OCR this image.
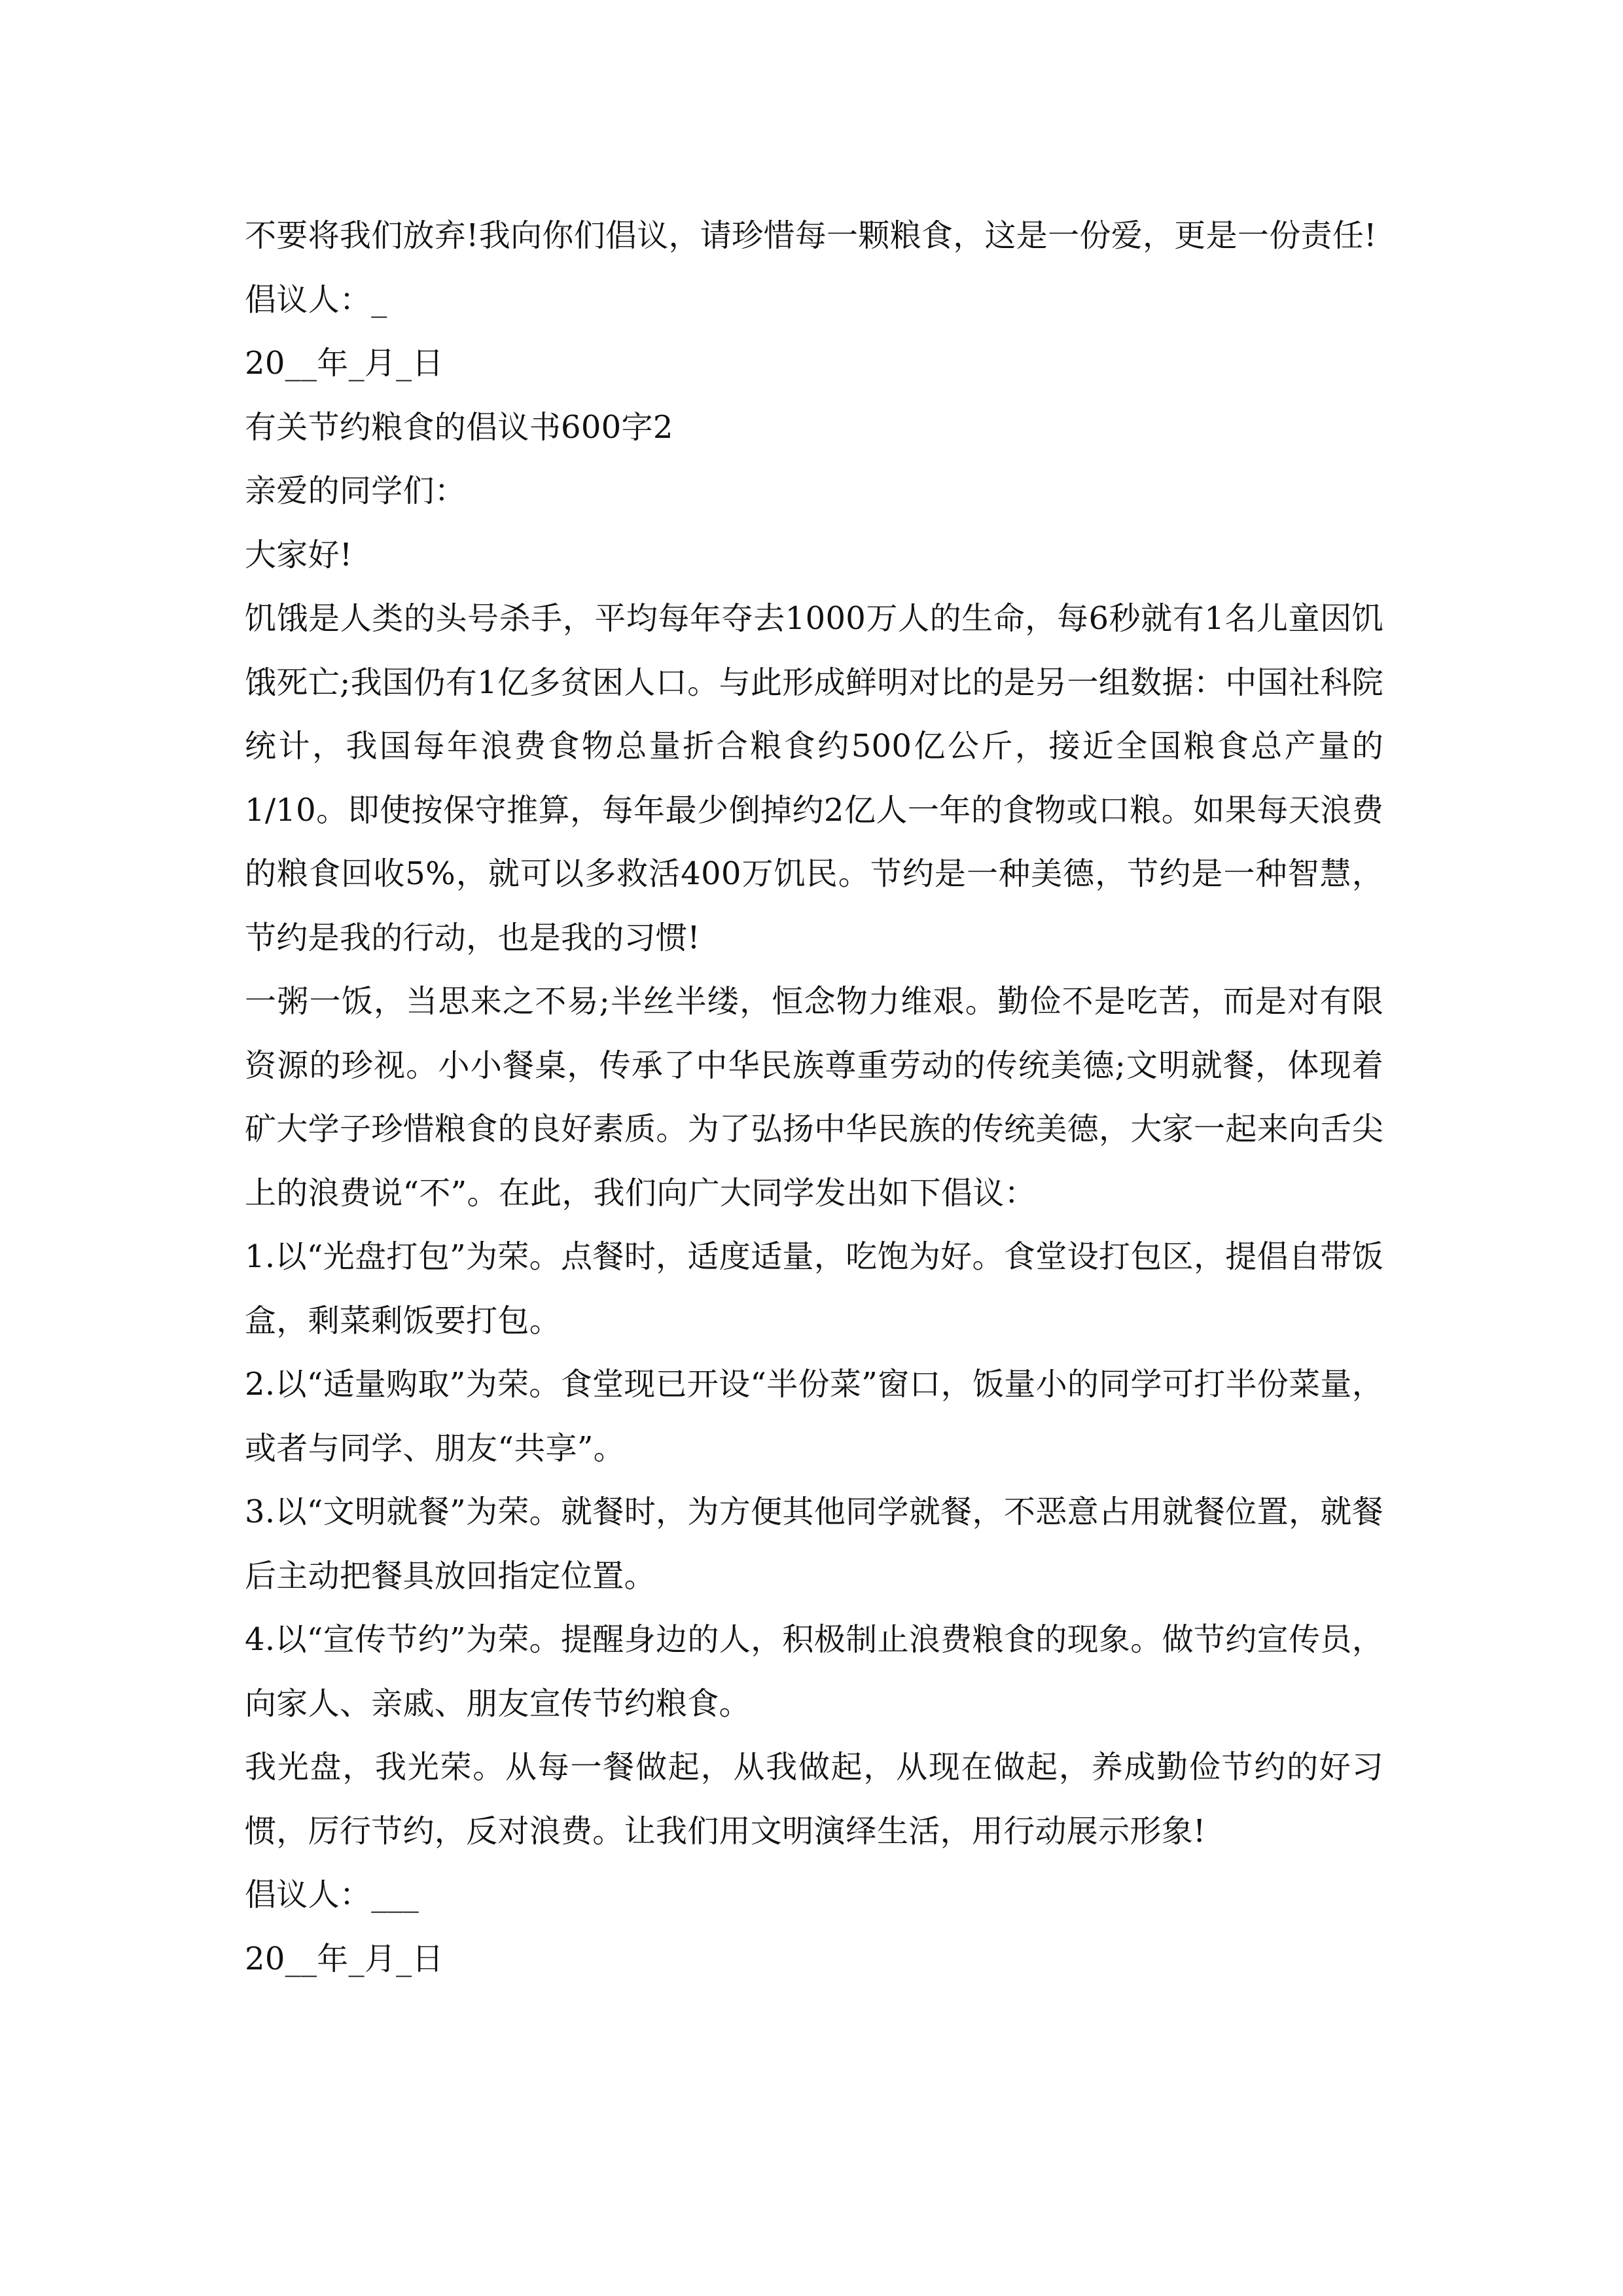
不要将我们放弃!我向你们倡议，请珍惜每一颗粮食，这是一份爱，更是一份责任!

倡议人：_

20__年_月_日

有关节约粮食的倡议书600字2

亲爱的同学们：

大家好!

饥饿是人类的头号杀手，平均每年夺去1000万人的生命，每6秒就有1名儿童因饥饿死亡;我国仍有1亿多贫困人口。与此形成鲜明对比的是另一组数据：中国社科院统计，我国每年浪费食物总量折合粮食约500亿公斤，接近全国粮食总产量的1/10。即使按保守推算，每年最少倒掉约2亿人一年的食物或口粮。如果每天浪费的粮食回收5%，就可以多救活400万饥民。节约是一种美德，节约是一种智慧，节约是我的行动，也是我的习惯!

一粥一饭，当思来之不易;半丝半缕，恒念物力维艰。勤俭不是吃苦，而是对有限资源的珍视。小小餐桌，传承了中华民族尊重劳动的传统美德;文明就餐，体现着矿大学子珍惜粮食的良好素质。为了弘扬中华民族的传统美德，大家一起来向舌尖上的浪费说“不”。在此，我们向广大同学发出如下倡议：

1.以“光盘打包”为荣。点餐时，适度适量，吃饱为好。食堂设打包区，提倡自带饭盒，剩菜剩饭要打包。

2.以“适量购取”为荣。食堂现已开设“半份菜”窗口，饭量小的同学可打半份菜量，或者与同学、朋友“共享”。

3.以“文明就餐”为荣。就餐时，为方便其他同学就餐，不恶意占用就餐位置，就餐后主动把餐具放回指定位置。

4.以“宣传节约”为荣。提醒身边的人，积极制止浪费粮食的现象。做节约宣传员，向家人、亲戚、朋友宣传节约粮食。

我光盘，我光荣。从每一餐做起，从我做起，从现在做起，养成勤俭节约的好习惯，厉行节约，反对浪费。让我们用文明演绎生活，用行动展示形象!

倡议人：___

20__年_月_日
